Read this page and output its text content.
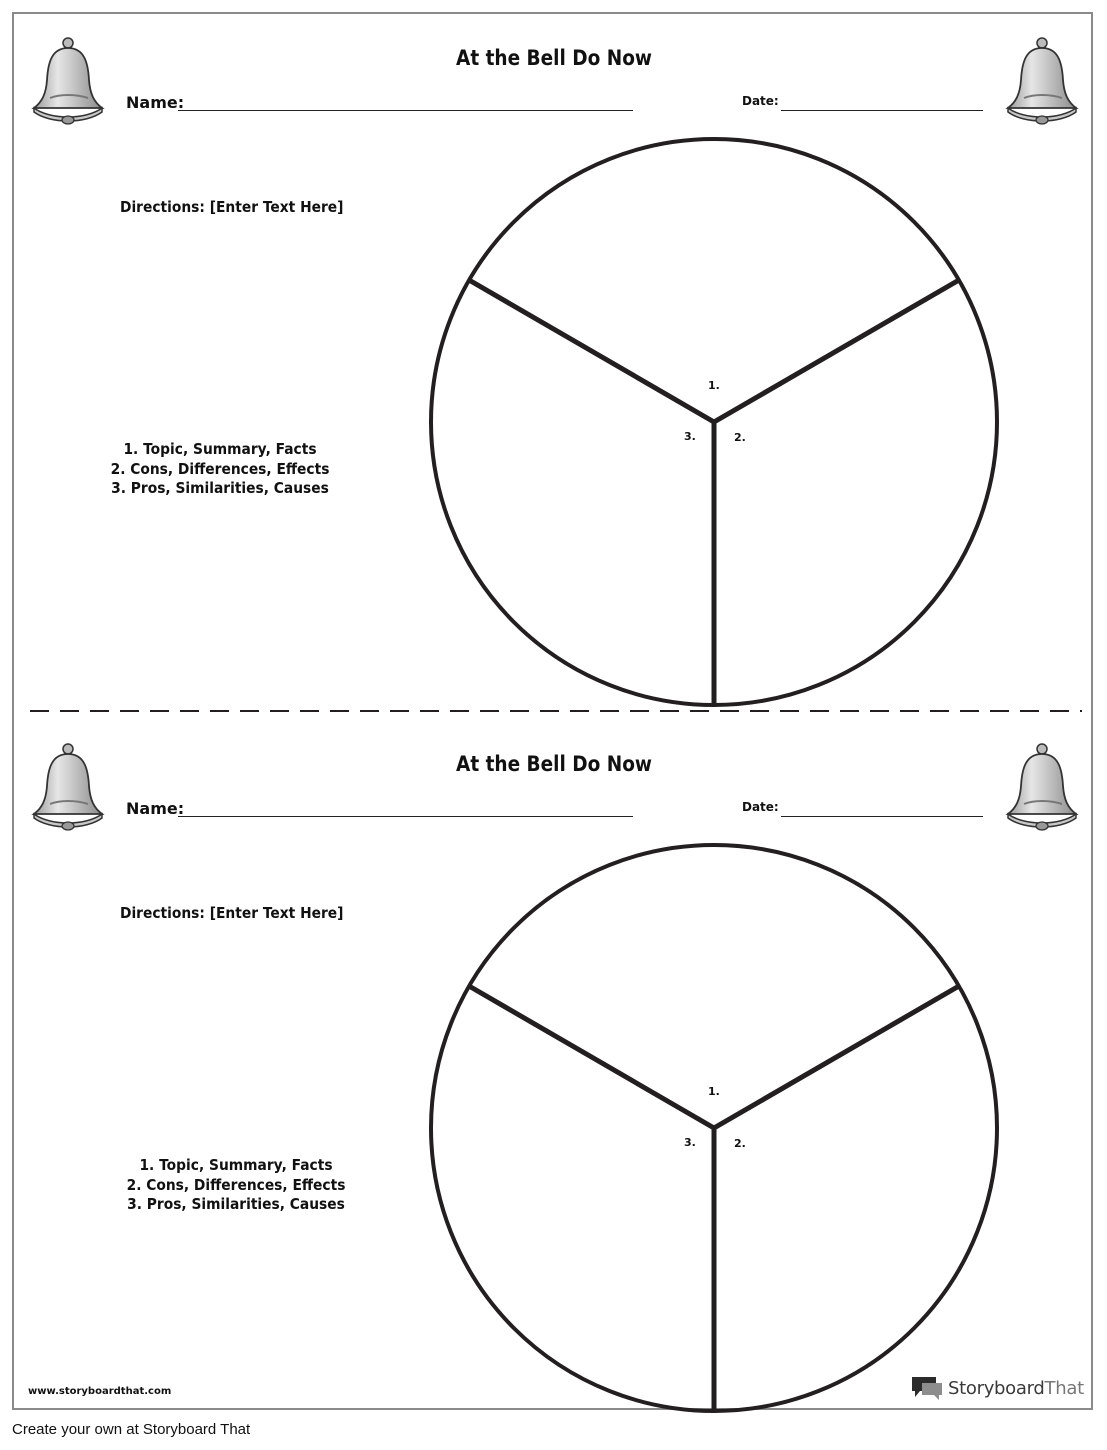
At the Bell Do Now
Name:	Date:
Directions: [Enter Text Here]
1. Topic, Summary, Facts
2. Cons, Differences, Effects
3. Pros, Similarities, Causes
1.
2.
3.
At the Bell Do Now
Name:	Date:
Directions: [Enter Text Here]
1. Topic, Summary, Facts
2. Cons, Differences, Effects
3. Pros, Similarities, Causes
1.
2.
3.
www.storyboardthat.com	StoryboardThat
Create your own at Storyboard That
